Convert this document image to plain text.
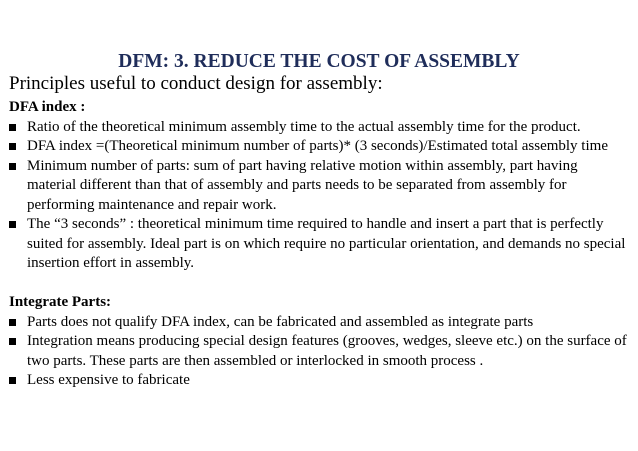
DFM: 3. REDUCE THE COST OF ASSEMBLY
Principles useful to conduct design for assembly:

DFA index :

Ratio of the theoretical minimum assembly time to the actual assembly time for the product.
DFA index =(Theoretical minimum number of parts)* (3 seconds)/Estimated total assembly time
Minimum number of parts: sum of part having relative motion within assembly, part having material different than that of assembly and parts needs to be separated from assembly for performing maintenance and repair work.
The “3 seconds” : theoretical minimum time required to handle and insert a part that is perfectly suited for assembly. Ideal part is on which require no particular orientation, and demands no special insertion effort in assembly.

Integrate Parts:

Parts does not qualify DFA index, can be fabricated and assembled as integrate parts
Integration means producing special design features (grooves, wedges, sleeve etc.) on the surface of two parts. These parts are then assembled or interlocked in smooth process .
Less expensive to fabricate
